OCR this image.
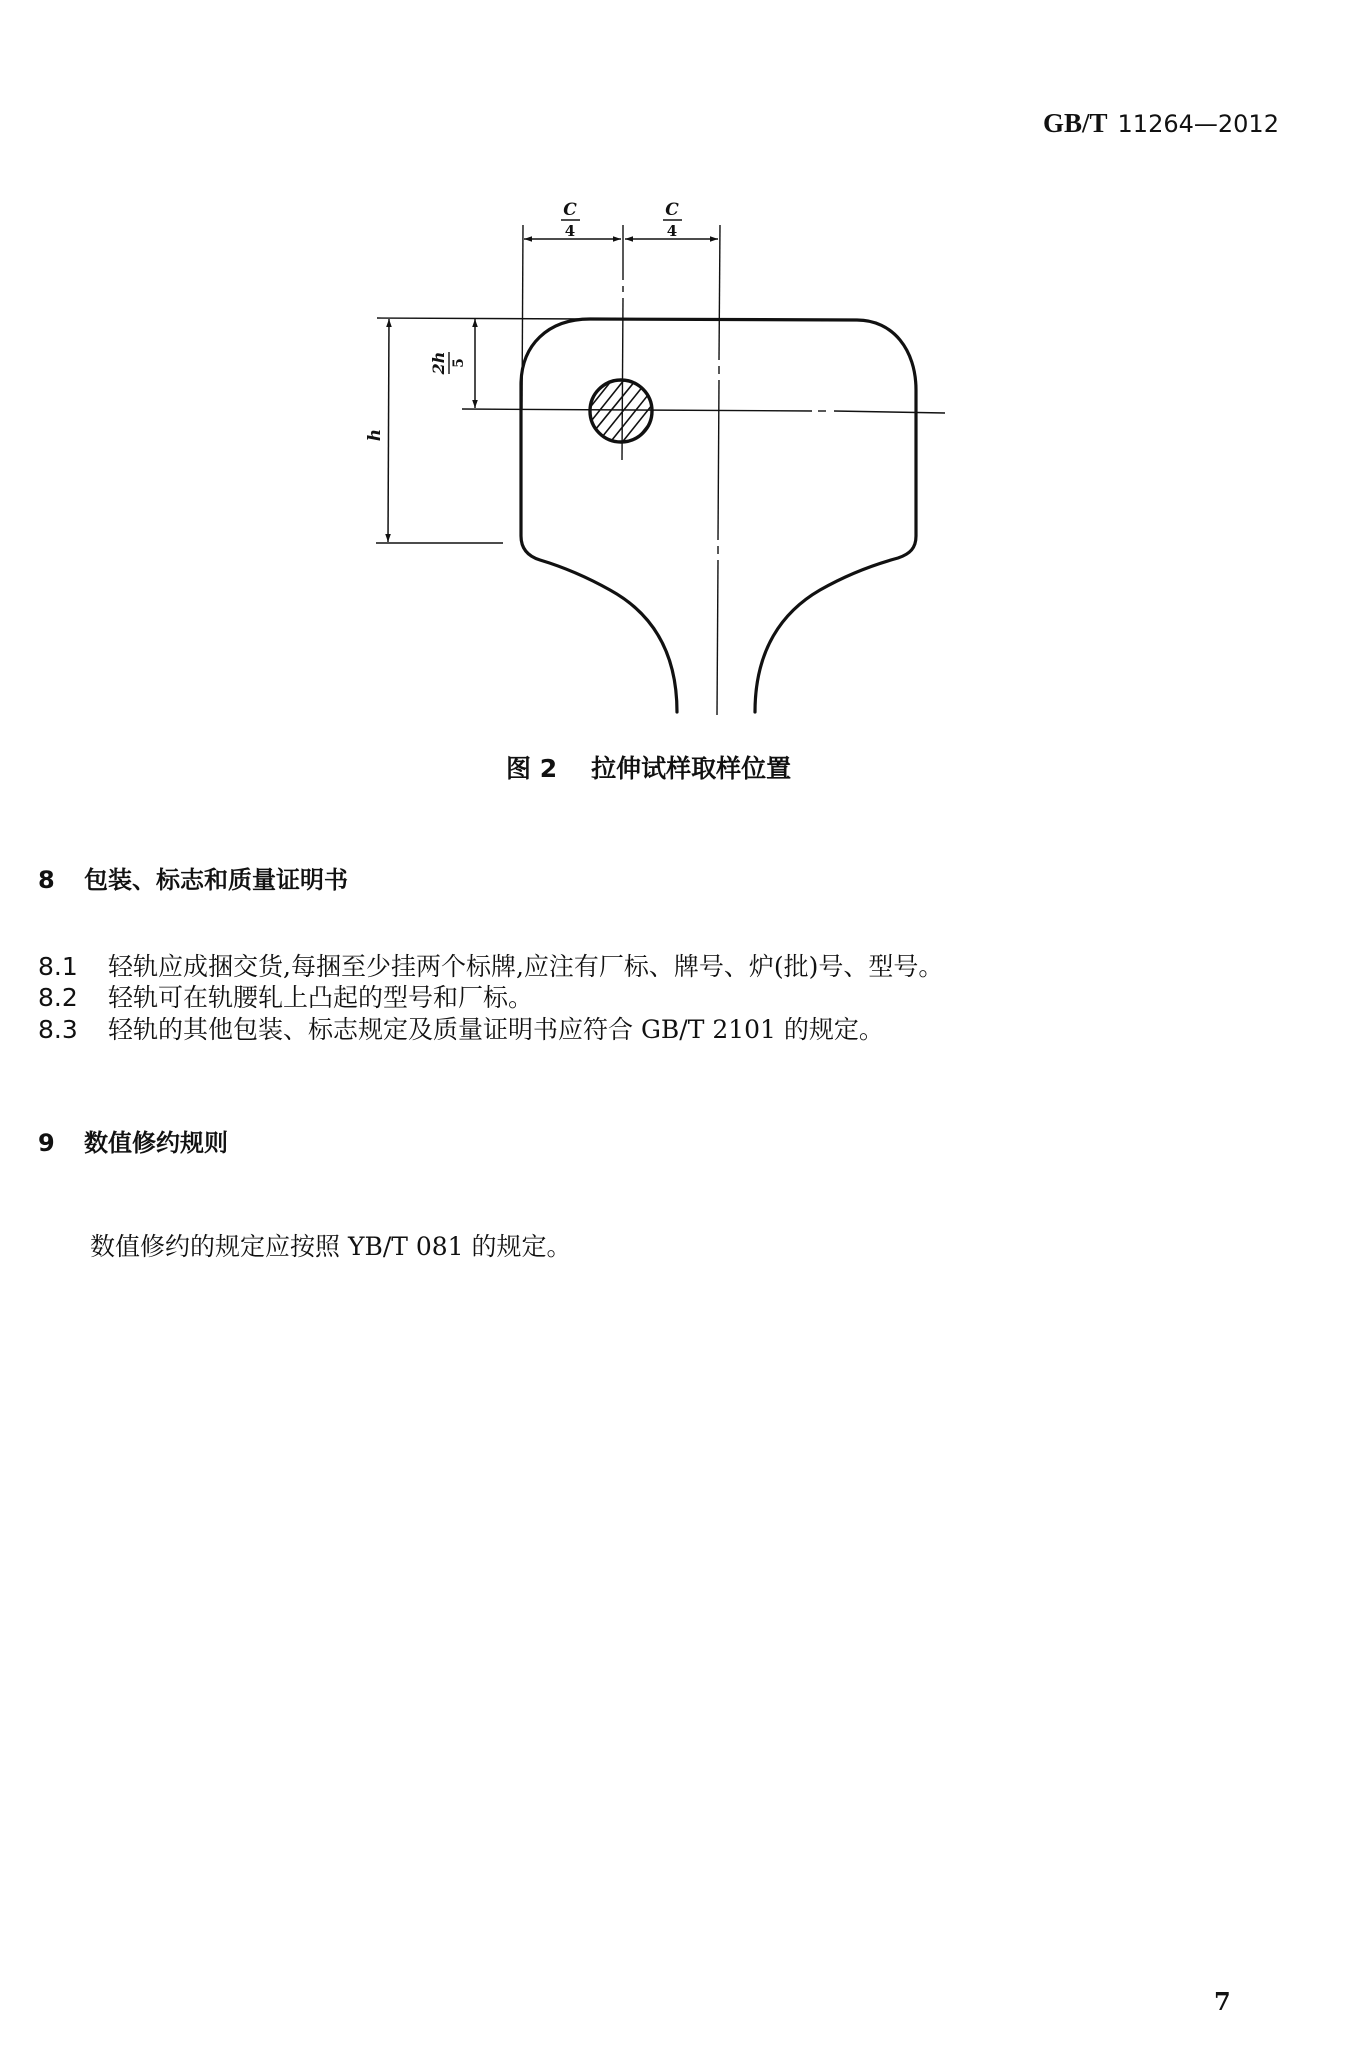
GB/T 11264—2012
C
4
C
4
h
2h 5
图 2 拉伸试样取样位置
8 包装、标志和质量证明书
8.1 轻轨应成捆交货,每捆至少挂两个标牌,应注有厂标、牌号、炉(批)号、型号。
8.2 轻轨可在轨腰轧上凸起的型号和厂标。
8.3 轻轨的其他包装、标志规定及质量证明书应符合 GB/T 2101 的规定。
9 数值修约规则
数值修约的规定应按照 YB/T 081 的规定。
7
